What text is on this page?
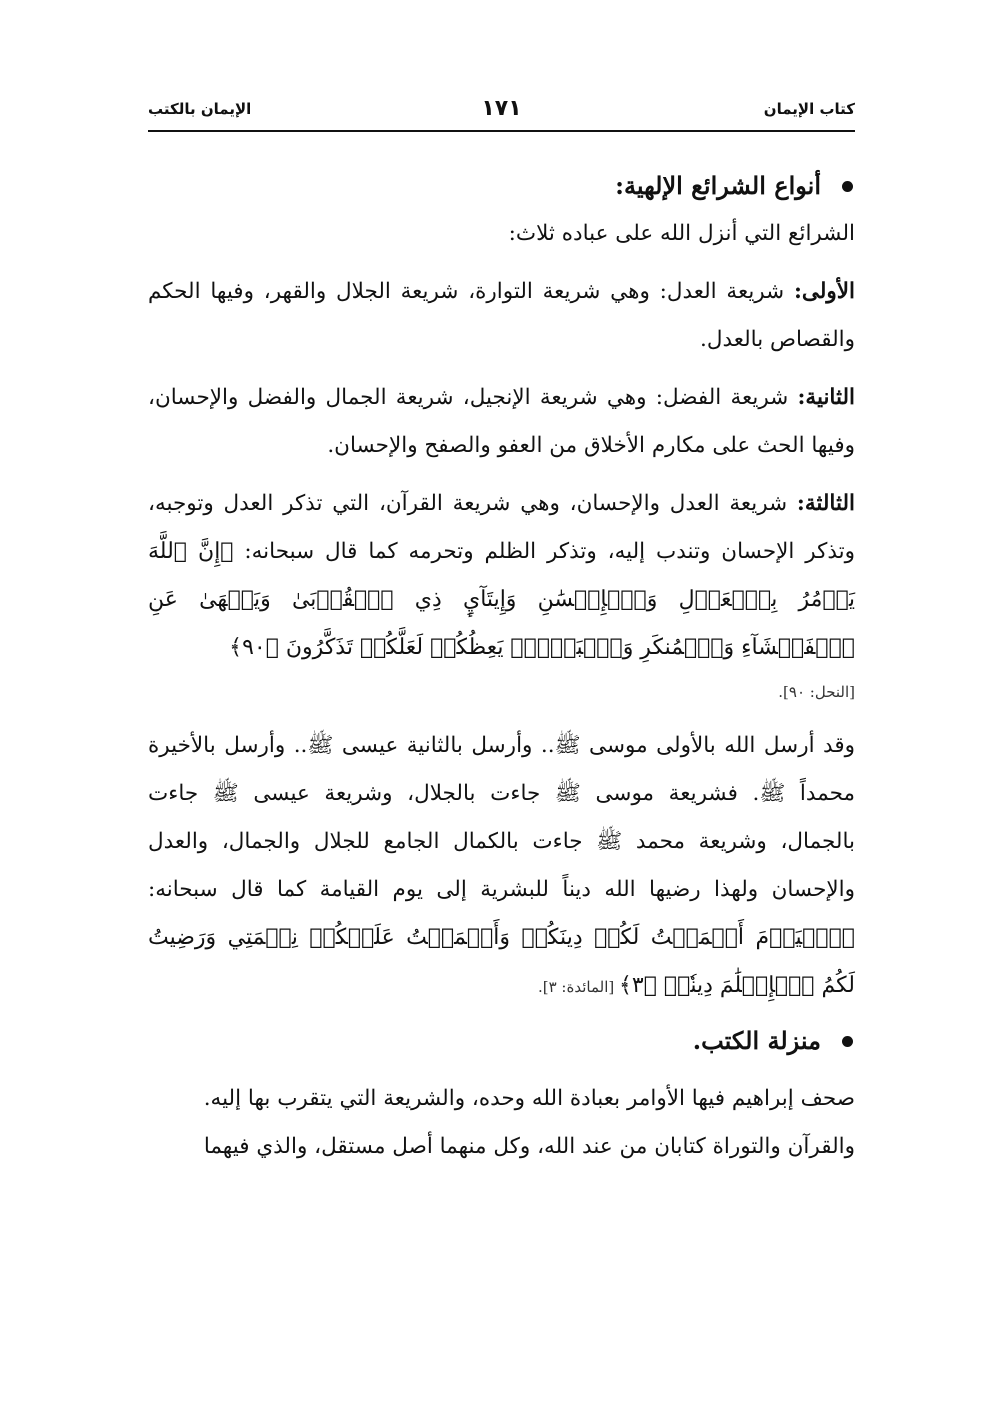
كتاب الإيمان
١٧١
الإيمان بالكتب
أنواع الشرائع الإلهية:

الشرائع التي أنزل الله على عباده ثلاث:

الأولى: شريعة العدل: وهي شريعة التوارة، شريعة الجلال والقهر، وفيها الحكم والقصاص بالعدل.

الثانية: شريعة الفضل: وهي شريعة الإنجيل، شريعة الجمال والفضل والإحسان، وفيها الحث على مكارم الأخلاق من العفو والصفح والإحسان.

الثالثة: شريعة العدل والإحسان، وهي شريعة القرآن، التي تذكر العدل وتوجبه، وتذكر الإحسان وتندب إليه، وتذكر الظلم وتحرمه كما قال سبحانه: ﴿إِنَّ ٱللَّهَ يَأۡمُرُ بِٱلۡعَدۡلِ وَٱلۡإِحۡسَٰنِ وَإِيتَآيِٕ ذِي ٱلۡقُرۡبَىٰ وَيَنۡهَىٰ عَنِ ٱلۡفَحۡشَآءِ وَٱلۡمُنكَرِ وَٱلۡبَغۡيِۚ يَعِظُكُمۡ لَعَلَّكُمۡ تَذَكَّرُونَ ﴿٩٠﴾

[النحل: ٩٠].

وقد أرسل الله بالأولى موسى ﷺ.. وأرسل بالثانية عيسى ﷺ.. وأرسل بالأخيرة محمداً ﷺ. فشريعة موسى ﷺ جاءت بالجلال، وشريعة عيسى ﷺ جاءت بالجمال، وشريعة محمد ﷺ جاءت بالكمال الجامع للجلال والجمال، والعدل والإحسان ولهذا رضيها الله ديناً للبشرية إلى يوم القيامة كما قال سبحانه: ﴿ٱلۡيَوۡمَ أَكۡمَلۡتُ لَكُمۡ دِينَكُمۡ وَأَتۡمَمۡتُ عَلَيۡكُمۡ نِعۡمَتِي وَرَضِيتُ لَكُمُ ٱلۡإِسۡلَٰمَ دِينٗاۚ ﴿٣﴾ [المائدة: ٣].

منزلة الكتب.

صحف إبراهيم فيها الأوامر بعبادة الله وحده، والشريعة التي يتقرب بها إليه.

والقرآن والتوراة كتابان من عند الله، وكل منهما أصل مستقل، والذي فيهما
